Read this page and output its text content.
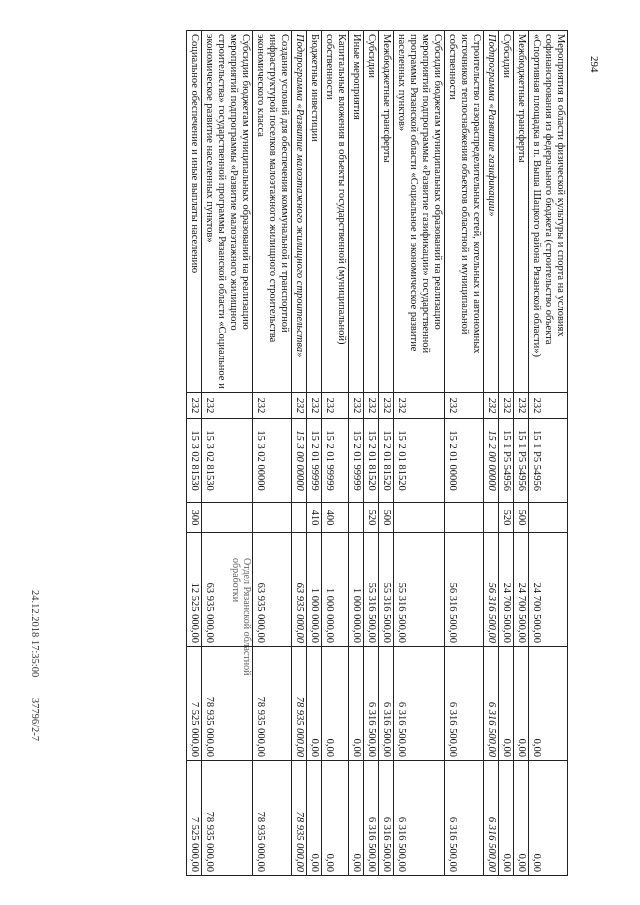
294
Мероприятия в области физической культуры и спорта на условиях софинансирования из федерального бюджета (строительство объекта «Спортивная площадка в п. Выша Шацкого района Рязанской области»)	232	15 1 P5 54956		24 700 500,00	0,00	0,00
Межбюджетные трансферты	232	15 1 P5 54956	500	24 700 500,00	0,00	0,00
Субсидии	232	15 1 P5 54956	520	24 700 500,00	0,00	0,00
Подпрограмма «Развитие газификации»	232	15 2 00 00000		56 316 500,00	6 316 500,00	6 316 500,00
Строительство газораспределительных сетей, котельных и автономных источников теплоснабжения объектов областной и муниципальной собственности	232	15 2 01 00000		56 316 500,00	6 316 500,00	6 316 500,00
Субсидии бюджетам муниципальных образований на реализацию мероприятий подпрограммы «Развитие газификации» государственной программы Рязанской области «Социальное и экономическое развитие населенных пунктов»	232	15 2 01 81520		55 316 500,00	6 316 500,00	6 316 500,00
Межбюджетные трансферты	232	15 2 01 81520	500	55 316 500,00	6 316 500,00	6 316 500,00
Субсидии	232	15 2 01 81520	520	55 316 500,00	6 316 500,00	6 316 500,00
Иные мероприятия	232	15 2 01 99999		1 000 000,00	0,00	0,00
Капитальные вложения в объекты государственной (муниципальной) собственности	232	15 2 01 99999	400	1 000 000,00	0,00	0,00
Бюджетные инвестиции	232	15 2 01 99999	410	1 000 000,00	0,00	0,00
Подпрограмма «Развитие малоэтажного жилищного строительства»	232	15 3 00 00000		63 935 000,00	78 935 000,00	78 935 000,00
Создание условий для обеспечения коммунальной и транспортной инфраструктурой поселков малоэтажного жилищного строительства экономического класса	232	15 3 02 00000		63 935 000,00	78 935 000,00	78 935 000,00
Субсидии бюджетам муниципальных образований на реализацию мероприятий подпрограммы «Развитие малоэтажного жилищного строительства» государственной программы Рязанской области «Социальное и экономическое развитие населенных пунктов»	232	15 3 02 81530		63 935 000,00	78 935 000,00	78 935 000,00
Социальное обеспечение и иные выплаты населению	232	15 3 02 81530	300	12 525 000,00	7 525 000,00	7 525 000,00
Отдел Рязанской областной
обработки
24.12.2018 17:35:00 37796/2-7
